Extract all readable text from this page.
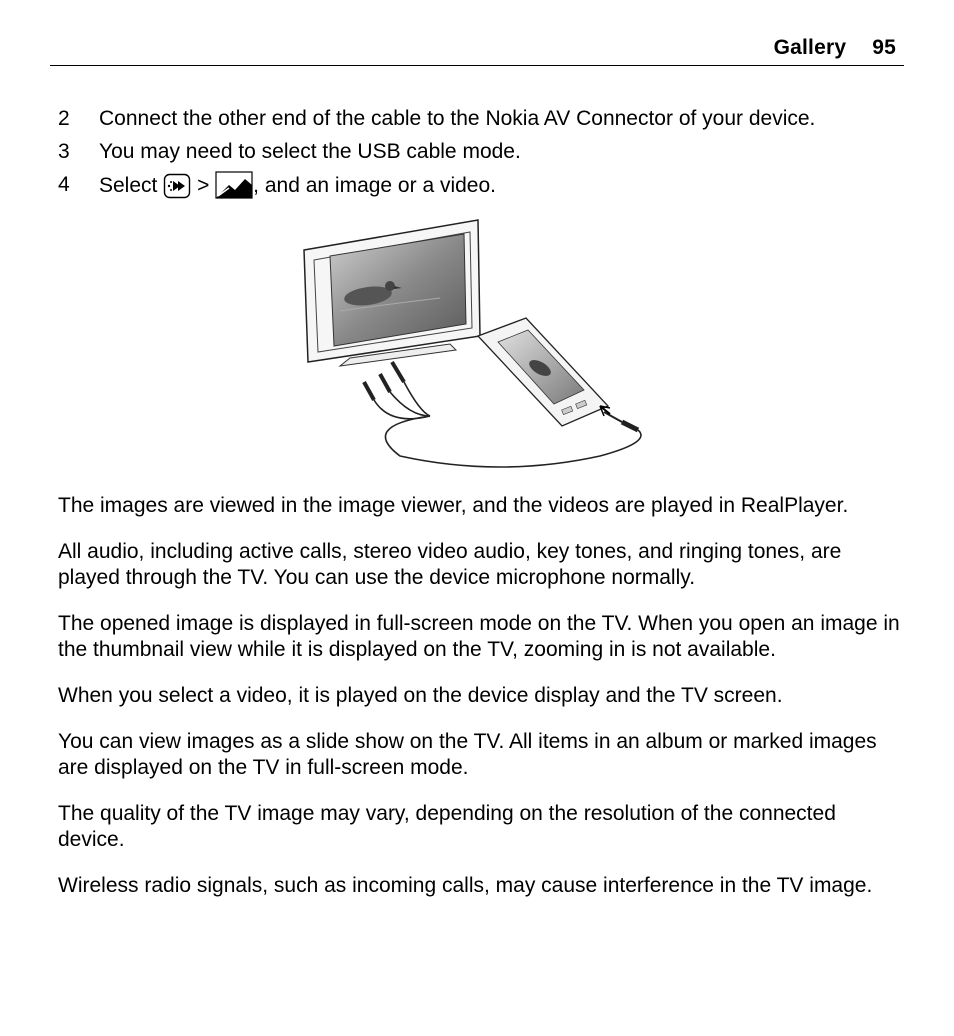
Gallery 95
2 Connect the other end of the cable to the Nokia AV Connector of your device.
3 You may need to select the USB cable mode.
4 Select > , and an image or a video.

The images are viewed in the image viewer, and the videos are played in RealPlayer.

All audio, including active calls, stereo video audio, key tones, and ringing tones, are played through the TV. You can use the device microphone normally.

The opened image is displayed in full-screen mode on the TV. When you open an image in the thumbnail view while it is displayed on the TV, zooming in is not available.

When you select a video, it is played on the device display and the TV screen.

You can view images as a slide show on the TV. All items in an album or marked images are displayed on the TV in full-screen mode.

The quality of the TV image may vary, depending on the resolution of the connected device.

Wireless radio signals, such as incoming calls, may cause interference in the TV image.
